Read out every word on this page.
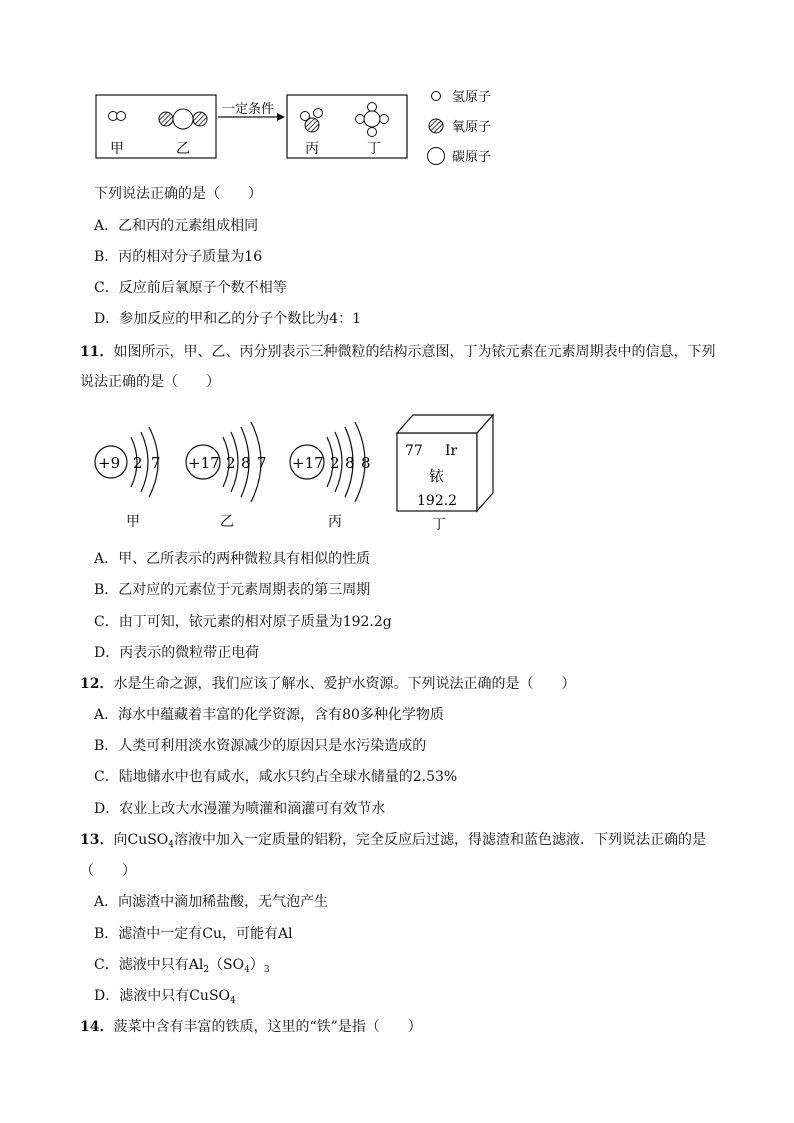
甲	乙
一定条件
丙	丁
氢原子
氧原子
碳原子
下列说法正确的是（　　）
A．乙和丙的元素组成相同
B．丙的相对分子质量为16
C．反应前后氧原子个数不相等
D．参加反应的甲和乙的分子个数比为4：1
11．如图所示，甲、乙、丙分别表示三种微粒的结构示意图，丁为铱元素在元素周期表中的信息，下列
说法正确的是（　　）
+9 2 7
甲
+17 2 8 7
乙
+17 2 8 8
丙
77 Ir
铱
192.2
丁
A．甲、乙所表示的两种微粒具有相似的性质
B．乙对应的元素位于元素周期表的第三周期
C．由丁可知，铱元素的相对原子质量为192.2g
D．丙表示的微粒带正电荷
12．水是生命之源，我们应该了解水、爱护水资源。下列说法正确的是（　　）
A．海水中蕴藏着丰富的化学资源，含有80多种化学物质
B．人类可利用淡水资源减少的原因只是水污染造成的
C．陆地储水中也有咸水，咸水只约占全球水储量的2.53%
D．农业上改大水漫灌为喷灌和滴灌可有效节水
13．向CuSO$_4$溶液中加入一定质量的铝粉，完全反应后过滤，得滤渣和蓝色滤液．下列说法正确的是
（　　）
A．向滤渣中滴加稀盐酸，无气泡产生
B．滤渣中一定有Cu，可能有Al
C．滤液中只有$Al_2(SO_4)_3$
D．滤液中只有CuSO$_4$
14．菠菜中含有丰富的铁质，这里的“铁”是指（　　）
